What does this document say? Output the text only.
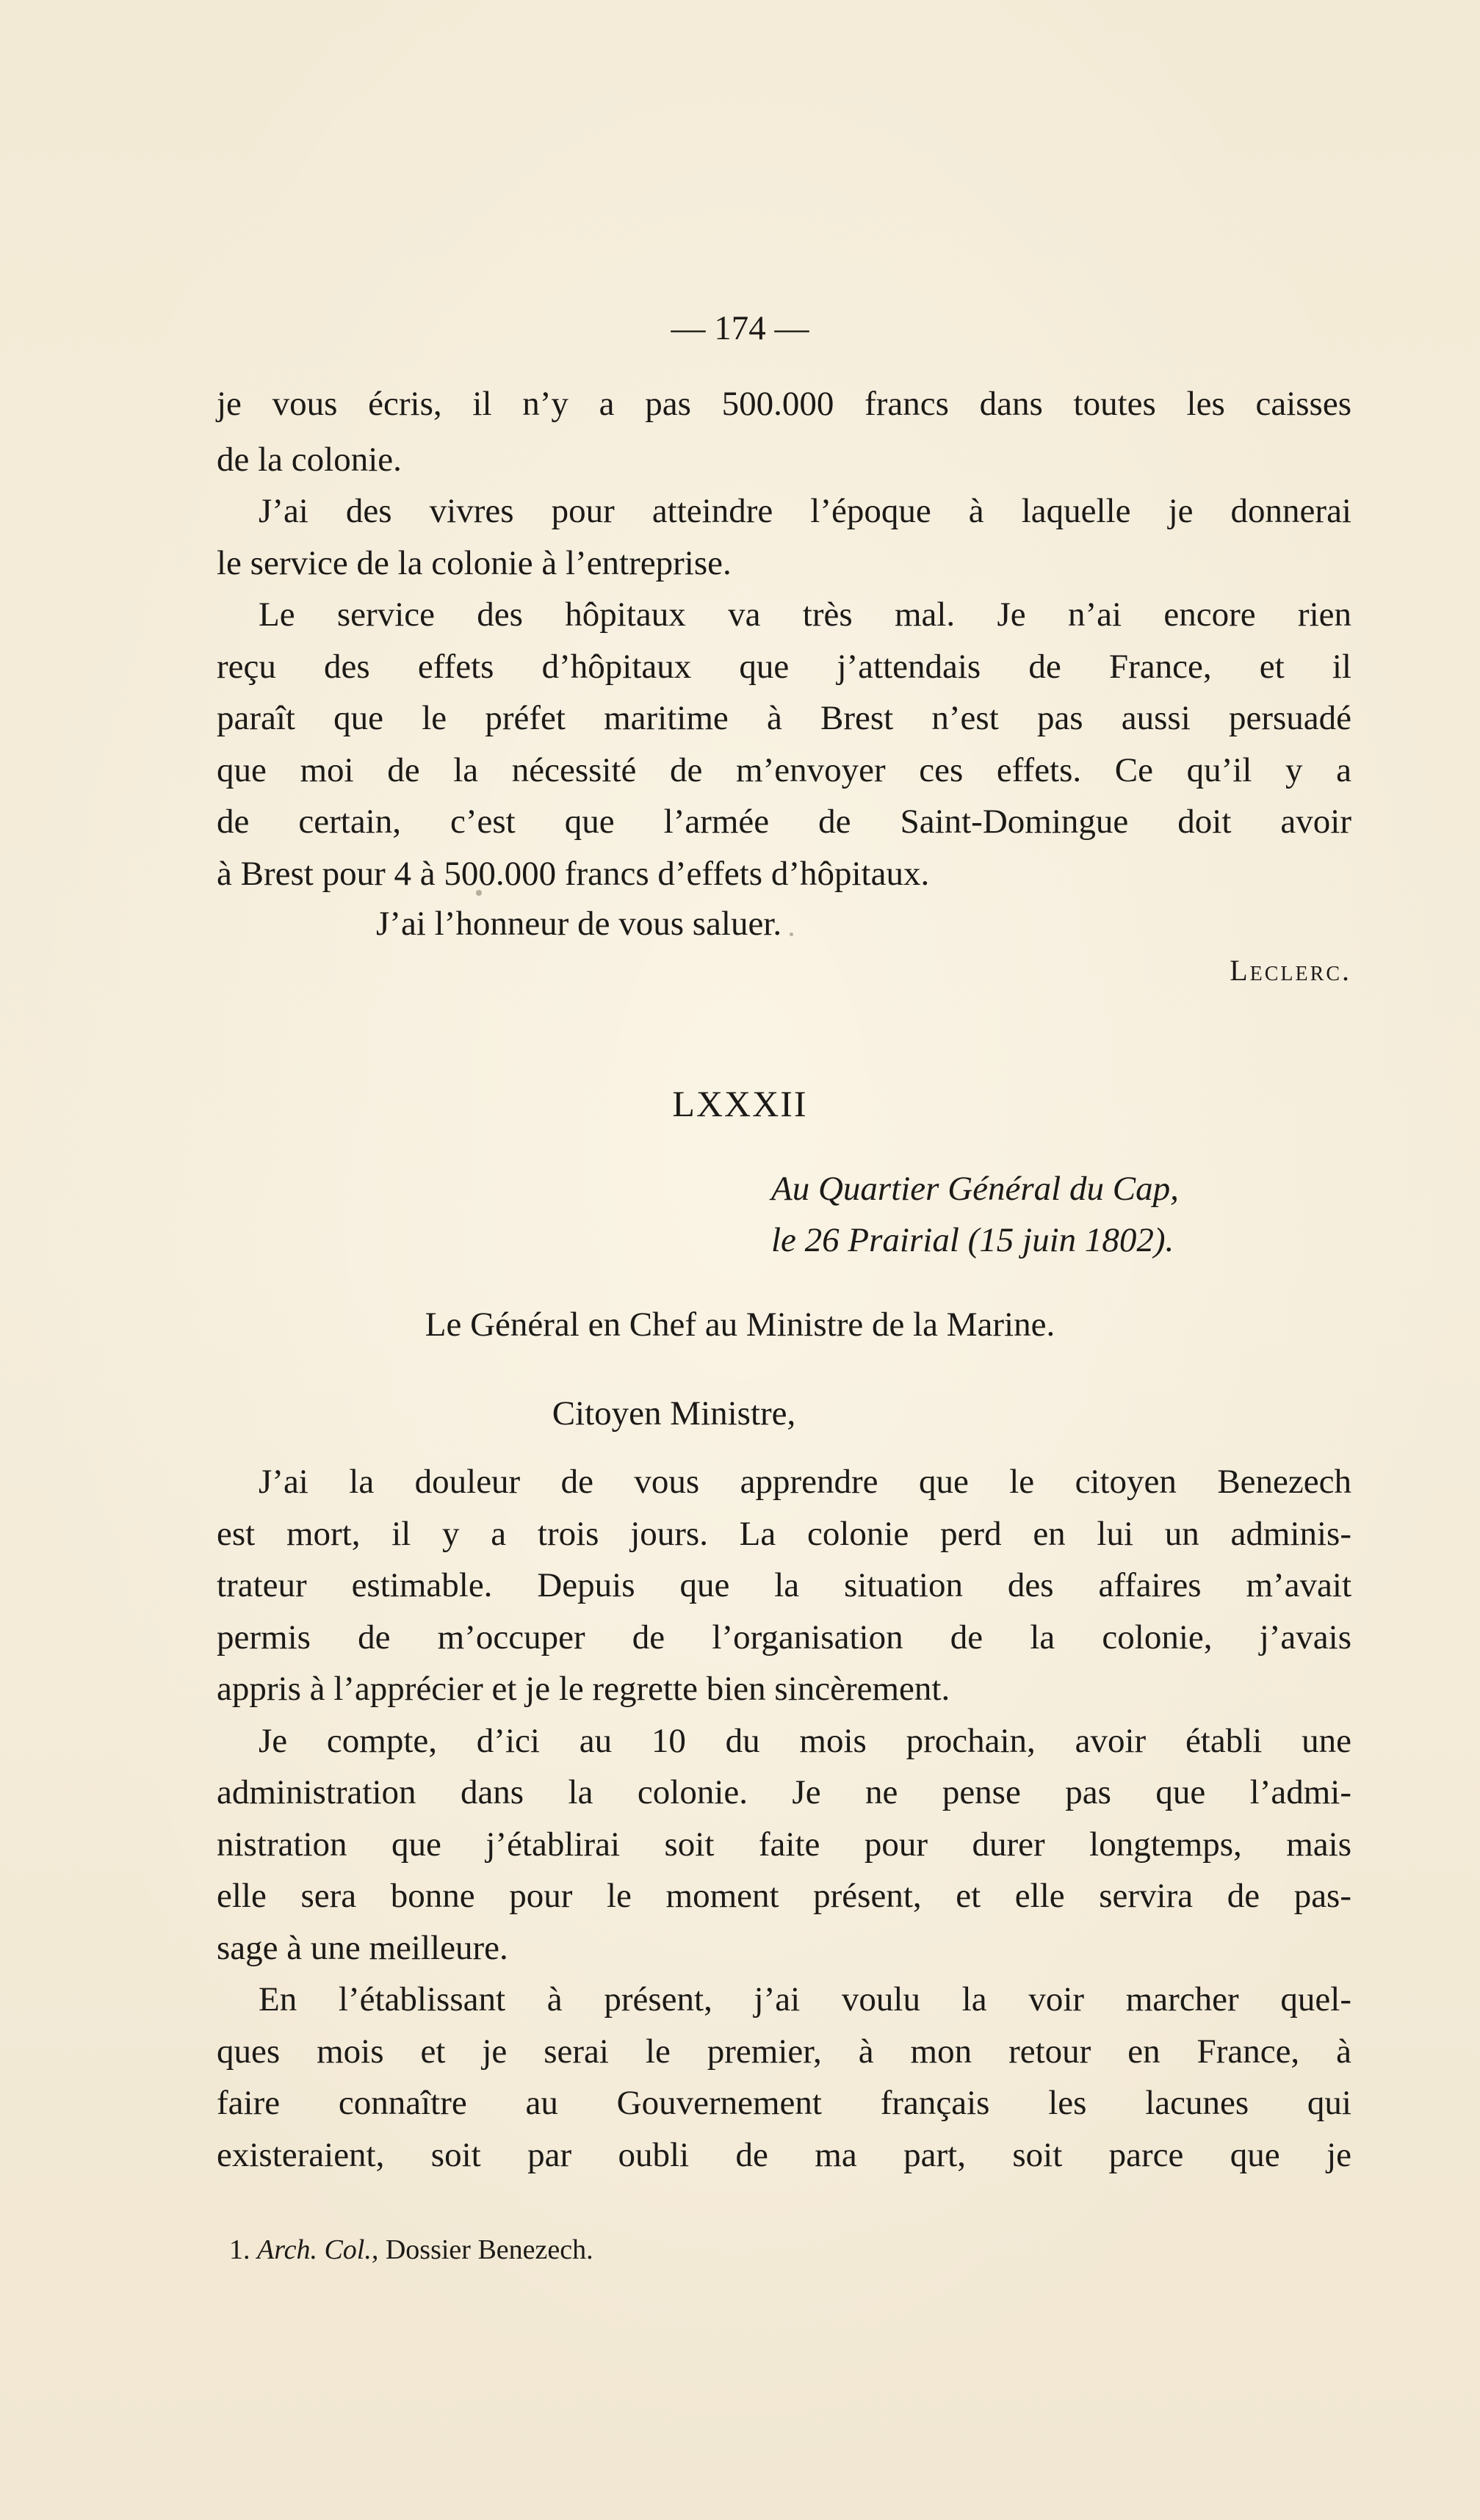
— 174 —
je vous écris, il n’y a pas 500.000 francs dans toutes les caisses
de la colonie.
J’ai des vivres pour atteindre l’époque à laquelle je donnerai
le service de la colonie à l’entreprise.
Le service des hôpitaux va très mal. Je n’ai encore rien
reçu des effets d’hôpitaux que j’attendais de France, et il
paraît que le préfet maritime à Brest n’est pas aussi persuadé
que moi de la nécessité de m’envoyer ces effets. Ce qu’il y a
de certain, c’est que l’armée de Saint-Domingue doit avoir
à Brest pour 4 à 500.000 francs d’effets d’hôpitaux.
J’ai l’honneur de vous saluer.
Leclerc.
LXXXII
Au Quartier Général du Cap,
le 26 Prairial (15 juin 1802).
Le Général en Chef au Ministre de la Marine.
Citoyen Ministre,
J’ai la douleur de vous apprendre que le citoyen Benezech
est mort, il y a trois jours. La colonie perd en lui un adminis-
trateur estimable. Depuis que la situation des affaires m’avait
permis de m’occuper de l’organisation de la colonie, j’avais
appris à l’apprécier et je le regrette bien sincèrement.
Je compte, d’ici au 10 du mois prochain, avoir établi une
administration dans la colonie. Je ne pense pas que l’admi-
nistration que j’établirai soit faite pour durer longtemps, mais
elle sera bonne pour le moment présent, et elle servira de pas-
sage à une meilleure.
En l’établissant à présent, j’ai voulu la voir marcher quel-
ques mois et je serai le premier, à mon retour en France, à
faire connaître au Gouvernement français les lacunes qui
existeraient, soit par oubli de ma part, soit parce que je
1. Arch. Col., Dossier Benezech.
